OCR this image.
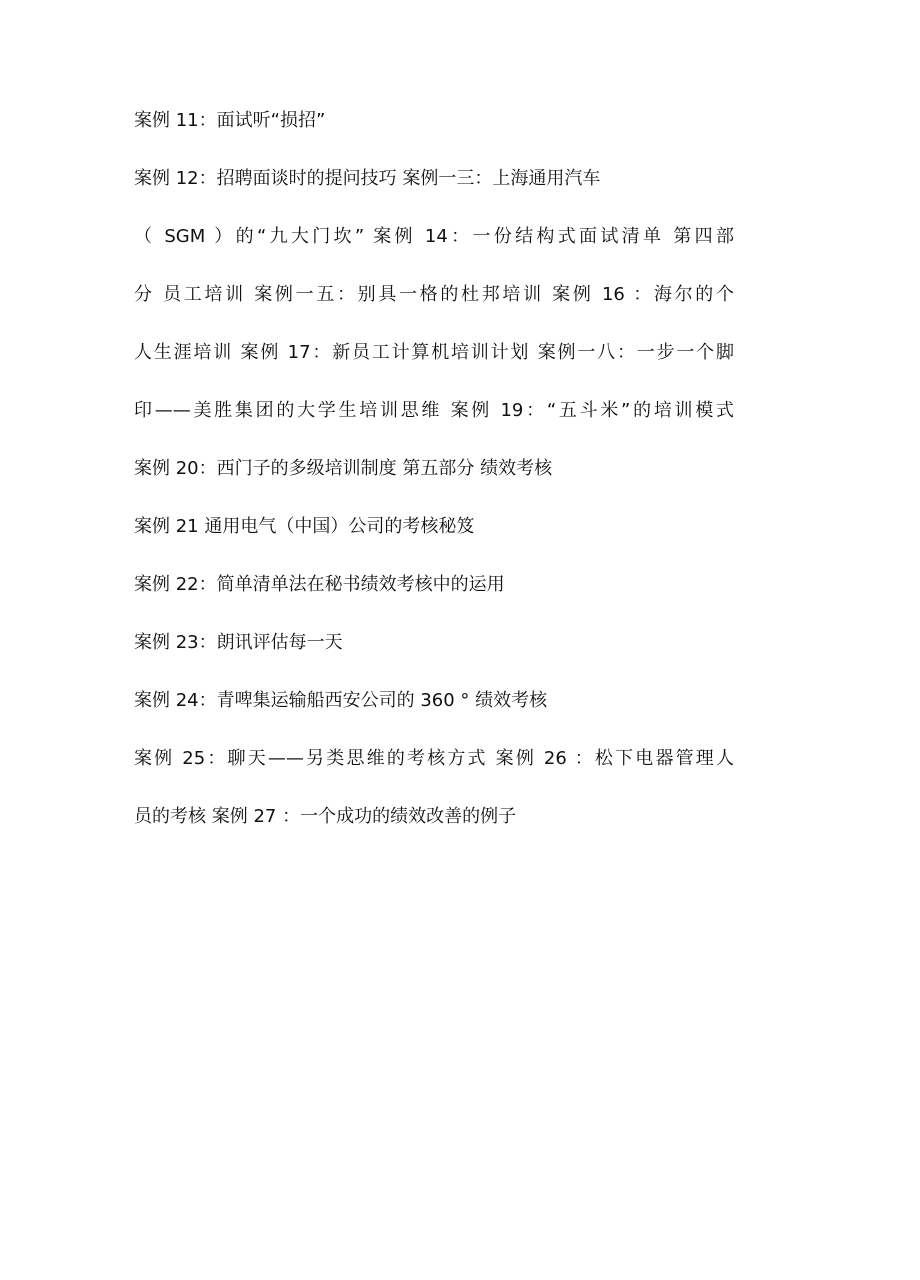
案例 11：面试听“损招”
案例 12：招聘面谈时的提问技巧 案例一三：上海通用汽车
（ SGM ）的“九大门坎” 案例 14：一份结构式面试清单 第四部
分 员工培训 案例一五：别具一格的杜邦培训 案例 16 ：海尔的个
人生涯培训 案例 17：新员工计算机培训计划 案例一八：一步一个脚
印——美胜集团的大学生培训思维 案例 19：“五斗米”的培训模式
案例 20：西门子的多级培训制度 第五部分 绩效考核
案例 21 通用电气（中国）公司的考核秘笈
案例 22：简单清单法在秘书绩效考核中的运用
案例 23：朗讯评估每一天
案例 24：青啤集运输船西安公司的 360 ° 绩效考核
案例 25：聊天——另类思维的考核方式 案例 26 ：松下电器管理人
员的考核 案例 27 ：一个成功的绩效改善的例子
